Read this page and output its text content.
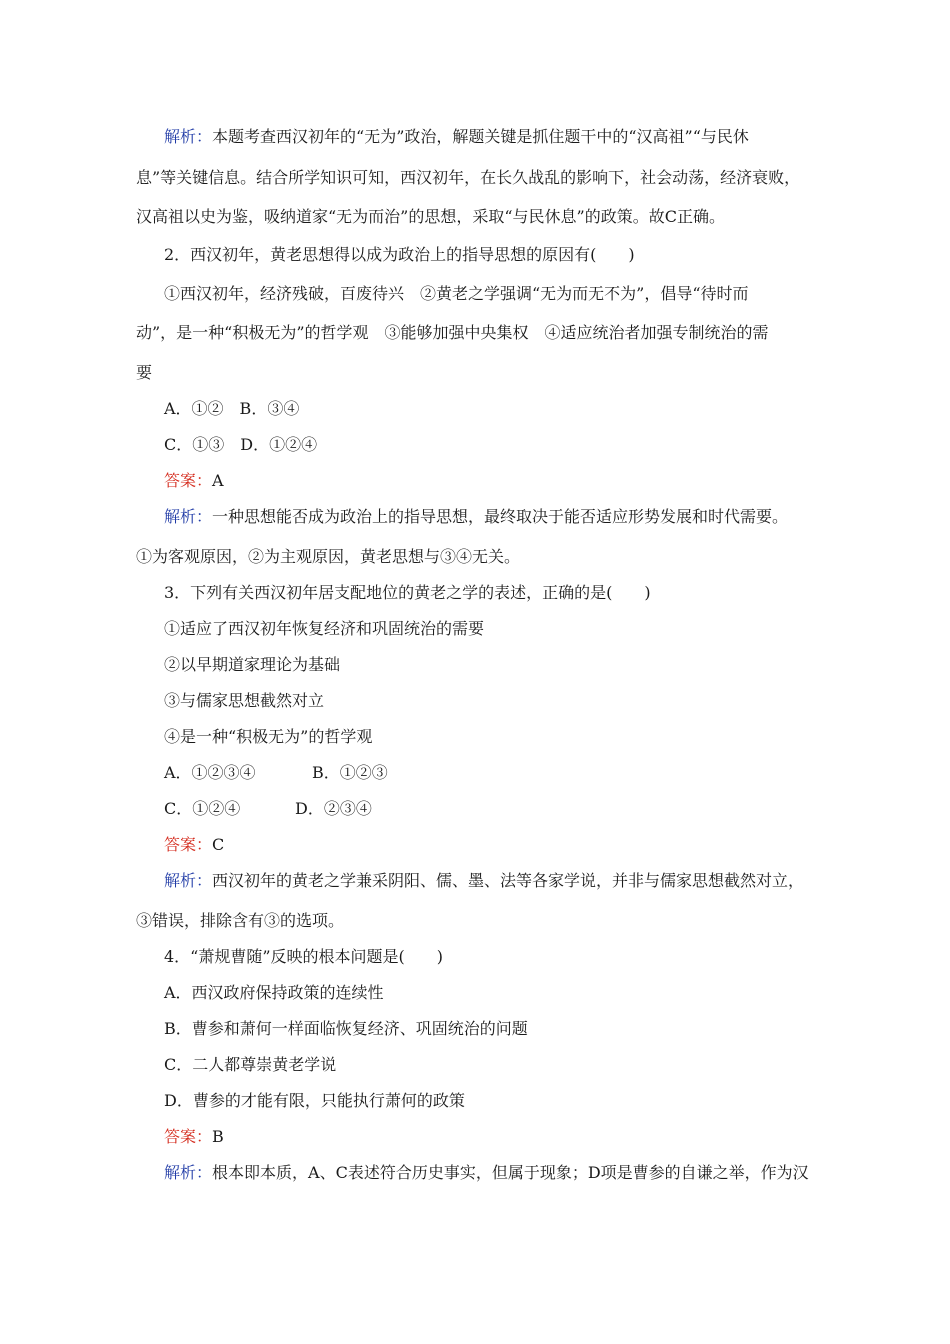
解析：本题考查西汉初年的“无为”政治，解题关键是抓住题干中的“汉高祖”“与民休
息”等关键信息。结合所学知识可知，西汉初年，在长久战乱的影响下，社会动荡，经济衰败，
汉高祖以史为鉴，吸纳道家“无为而治”的思想，采取“与民休息”的政策。故C正确。
2．西汉初年，黄老思想得以成为政治上的指导思想的原因有(　　)
①西汉初年，经济残破，百废待兴　②黄老之学强调“无为而无不为”，倡导“待时而
动”，是一种“积极无为”的哲学观　③能够加强中央集权　④适应统治者加强专制统治的需
要
A．①②　B．③④
C．①③　D．①②④
答案：A
解析：一种思想能否成为政治上的指导思想，最终取决于能否适应形势发展和时代需要。
①为客观原因，②为主观原因，黄老思想与③④无关。
3．下列有关西汉初年居支配地位的黄老之学的表述，正确的是(　　)
①适应了西汉初年恢复经济和巩固统治的需要
②以早期道家理论为基础
③与儒家思想截然对立
④是一种“积极无为”的哲学观
A．①②③④	B．①②③
C．①②④	D．②③④
答案：C
解析：西汉初年的黄老之学兼采阴阳、儒、墨、法等各家学说，并非与儒家思想截然对立，
③错误，排除含有③的选项。
4．“萧规曹随”反映的根本问题是(　　)
A．西汉政府保持政策的连续性
B．曹参和萧何一样面临恢复经济、巩固统治的问题
C．二人都尊崇黄老学说
D．曹参的才能有限，只能执行萧何的政策
答案：B
解析：根本即本质，A、C表述符合历史事实，但属于现象；D项是曹参的自谦之举，作为汉
